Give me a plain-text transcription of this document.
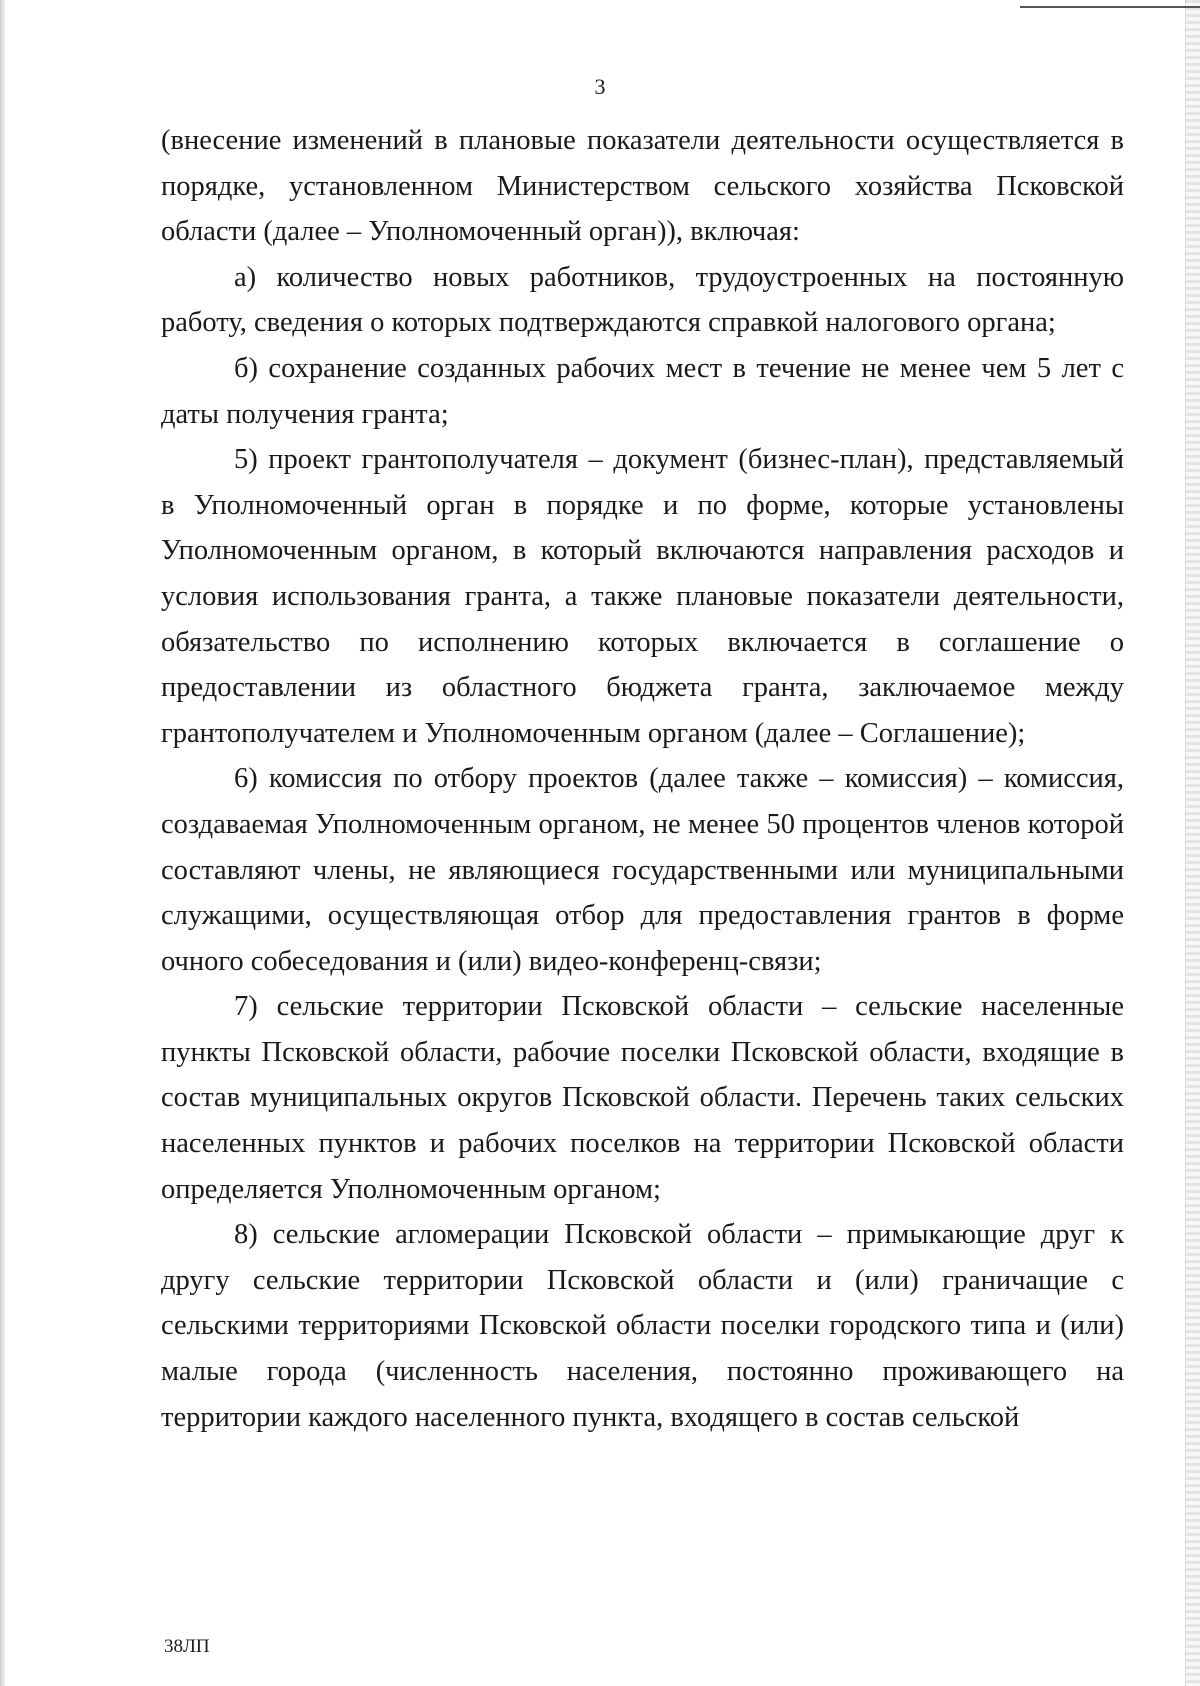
3

(внесение изменений в плановые показатели деятельности осуществляется в порядке, установленном Министерством сельского хозяйства Псковской области (далее – Уполномоченный орган)), включая:

а) количество новых работников, трудоустроенных на постоянную работу, сведения о которых подтверждаются справкой налогового органа;

б) сохранение созданных рабочих мест в течение не менее чем 5 лет с даты получения гранта;

5) проект грантополучателя – документ (бизнес-план), представляемый в Уполномоченный орган в порядке и по форме, которые установлены Уполномоченным органом, в который включаются направления расходов и условия использования гранта, а также плановые показатели деятельности, обязательство по исполнению которых включается в соглашение о предоставлении из областного бюджета гранта, заключаемое между грантополучателем и Уполномоченным органом (далее – Соглашение);

6) комиссия по отбору проектов (далее также – комиссия) – комиссия, создаваемая Уполномоченным органом, не менее 50 процентов членов которой составляют члены, не являющиеся государственными или муниципальными служащими, осуществляющая отбор для предоставления грантов в форме очного собеседования и (или) видео-конференц-связи;

7) сельские территории Псковской области – сельские населенные пункты Псковской области, рабочие поселки Псковской области, входящие в состав муниципальных округов Псковской области. Перечень таких сельских населенных пунктов и рабочих поселков на территории Псковской области определяется Уполномоченным органом;

8) сельские агломерации Псковской области – примыкающие друг к другу сельские территории Псковской области и (или) граничащие с сельскими территориями Псковской области поселки городского типа и (или) малые города (численность населения, постоянно проживающего на территории каждого населенного пункта, входящего в состав сельской

38ЛП
